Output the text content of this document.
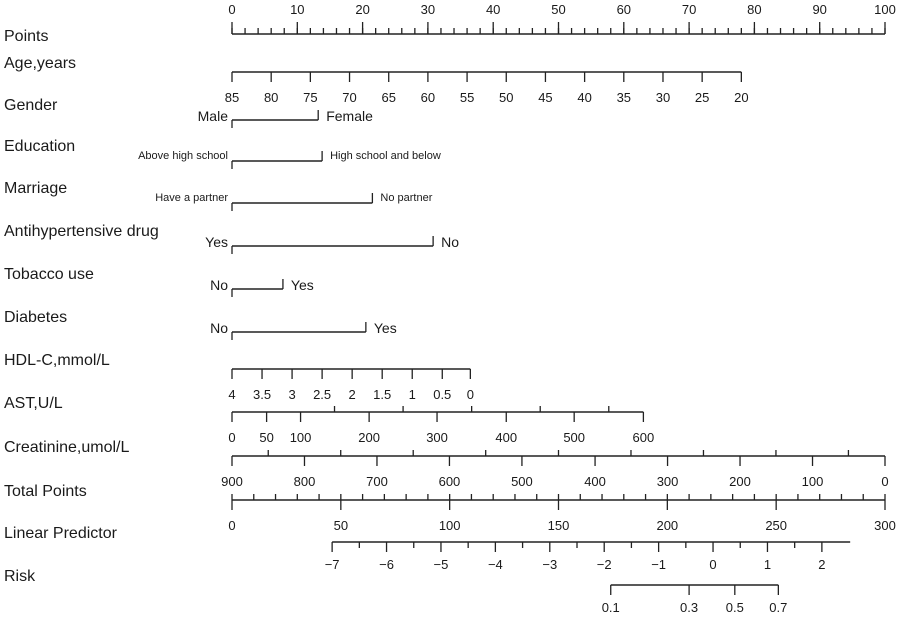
Points
0	10	20	30	40	50	60	70	80	90	100
Age,years
85 80 75 70 65 60 55 50 45 40 35 30 25 20
Gender
Male	Female
Education
Above high school	High school and below
Marriage
Have a partner	No partner
Antihypertensive drug
Yes	No
Tobacco use
No	Yes
Diabetes
No	Yes
HDL-C,mmol/L
4 3.5 3 2.5 2 1.5 1 0.5 0
AST,U/L
0 50 100	200	300	400	500	600
Creatinine,umol/L
900	800	700	600	500	400	300	200	100	0
Total Points
0	50	100	150	200	250	300
Linear Predictor
−7	−6	−5	−4	−3	−2	−1	0	1	2
Risk
0.1	0.3 0.5 0.7
